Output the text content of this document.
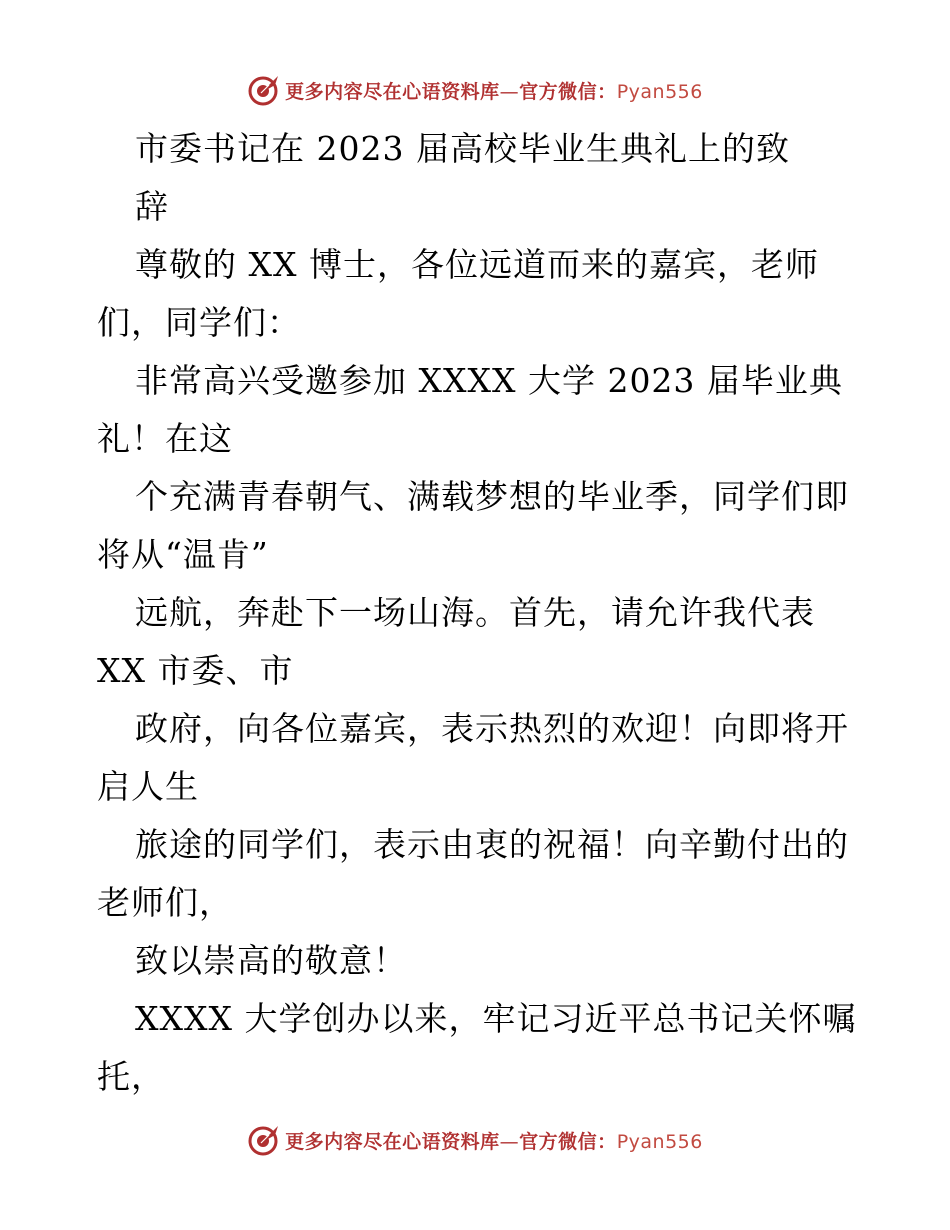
更多内容尽在心语资料库—官方微信：Pyan556
市委书记在 2023 届高校毕业生典礼上的致
辞
尊敬的 XX 博士，各位远道而来的嘉宾，老师
们，同学们：
非常高兴受邀参加 XXXX 大学 2023 届毕业典
礼！在这
个充满青春朝气、满载梦想的毕业季，同学们即
将从“温肯”
远航，奔赴下一场山海。首先，请允许我代表
XX 市委、市
政府，向各位嘉宾，表示热烈的欢迎！向即将开
启人生
旅途的同学们，表示由衷的祝福！向辛勤付出的
老师们，
致以崇高的敬意！
XXXX 大学创办以来，牢记习近平总书记关怀嘱
托，
更多内容尽在心语资料库—官方微信：Pyan556
